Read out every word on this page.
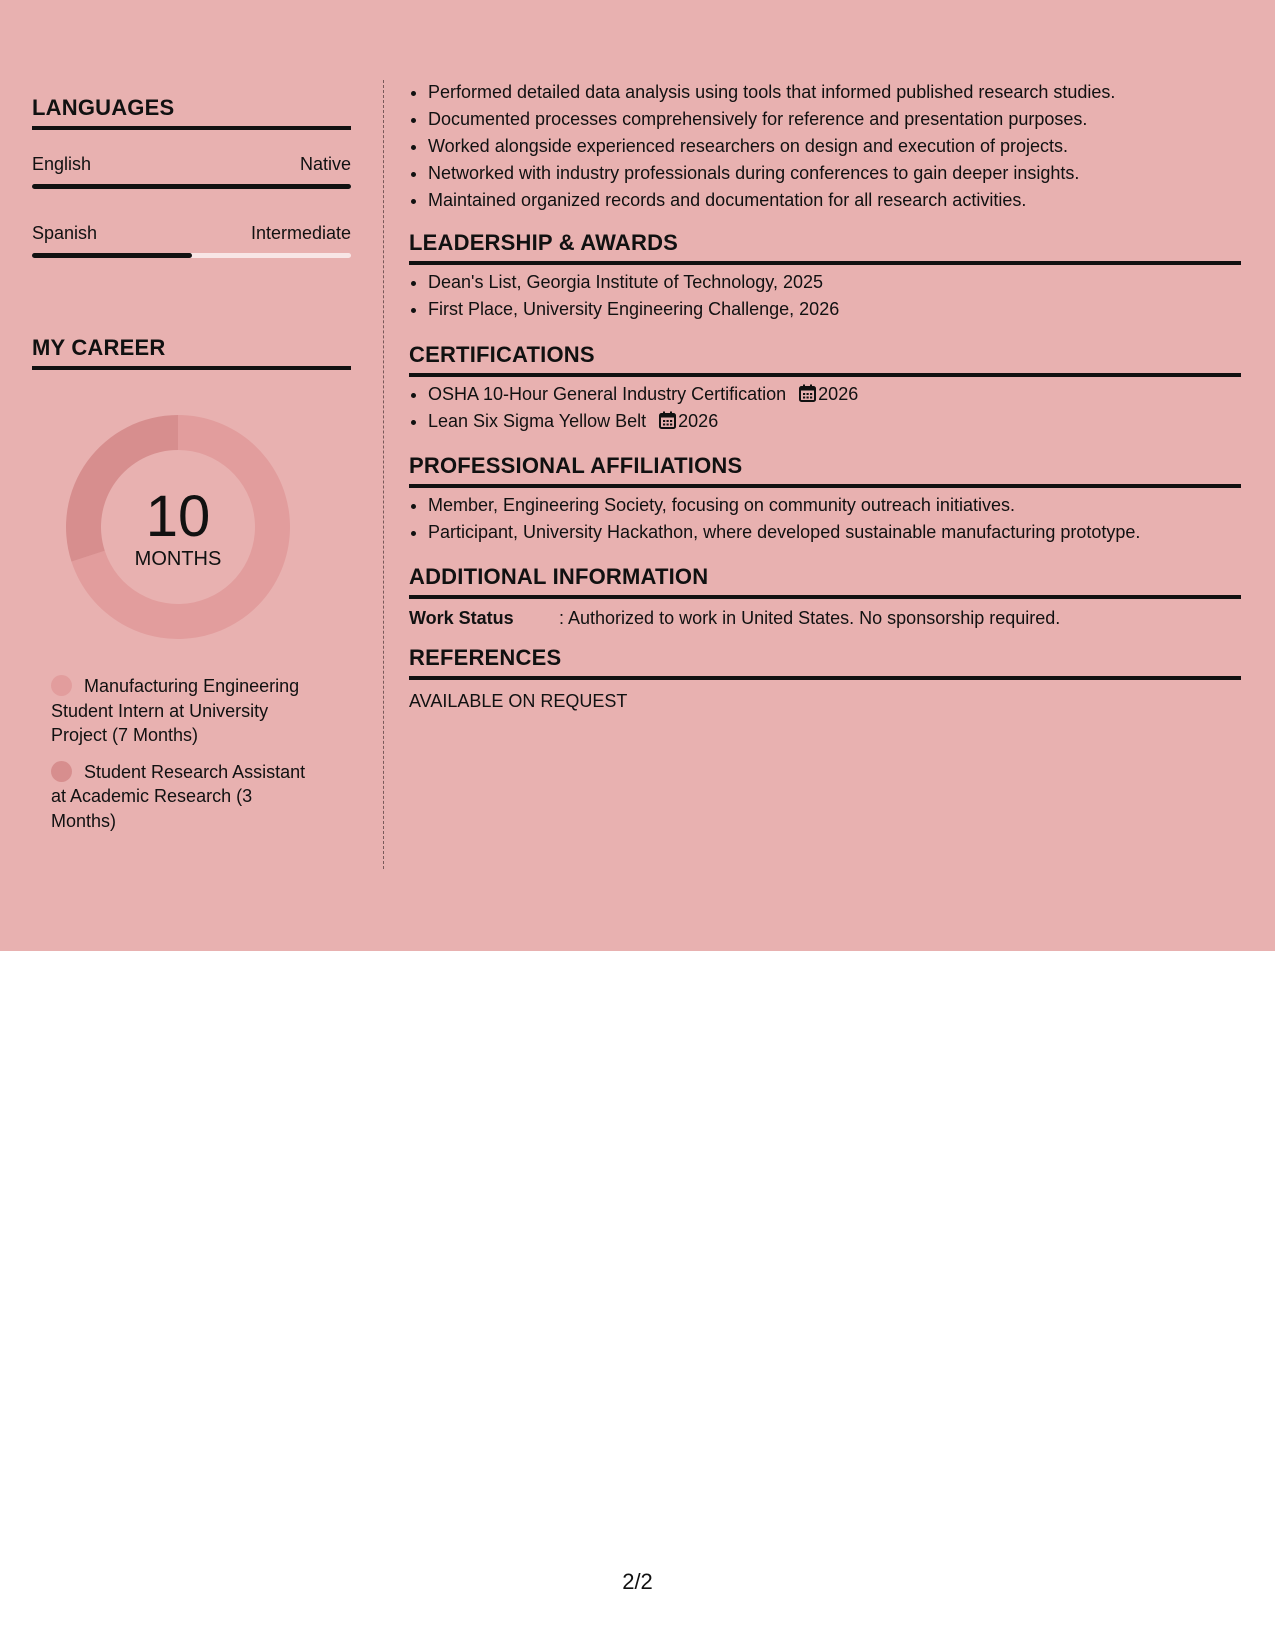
LANGUAGES
English	Native
Spanish	Intermediate
MY CAREER
10
MONTHS
Manufacturing Engineering Student Intern at University Project (7 Months)
Student Research Assistant at Academic Research (3 Months)
• Performed detailed data analysis using tools that informed published research studies.
• Documented processes comprehensively for reference and presentation purposes.
• Worked alongside experienced researchers on design and execution of projects.
• Networked with industry professionals during conferences to gain deeper insights.
• Maintained organized records and documentation for all research activities.
LEADERSHIP & AWARDS
• Dean's List, Georgia Institute of Technology, 2025
• First Place, University Engineering Challenge, 2026
CERTIFICATIONS
• OSHA 10-Hour General Industry Certification 2026
• Lean Six Sigma Yellow Belt 2026
PROFESSIONAL AFFILIATIONS
• Member, Engineering Society, focusing on community outreach initiatives.
• Participant, University Hackathon, where developed sustainable manufacturing prototype.
ADDITIONAL INFORMATION
Work Status	: Authorized to work in United States. No sponsorship required.
REFERENCES
AVAILABLE ON REQUEST
2/2
